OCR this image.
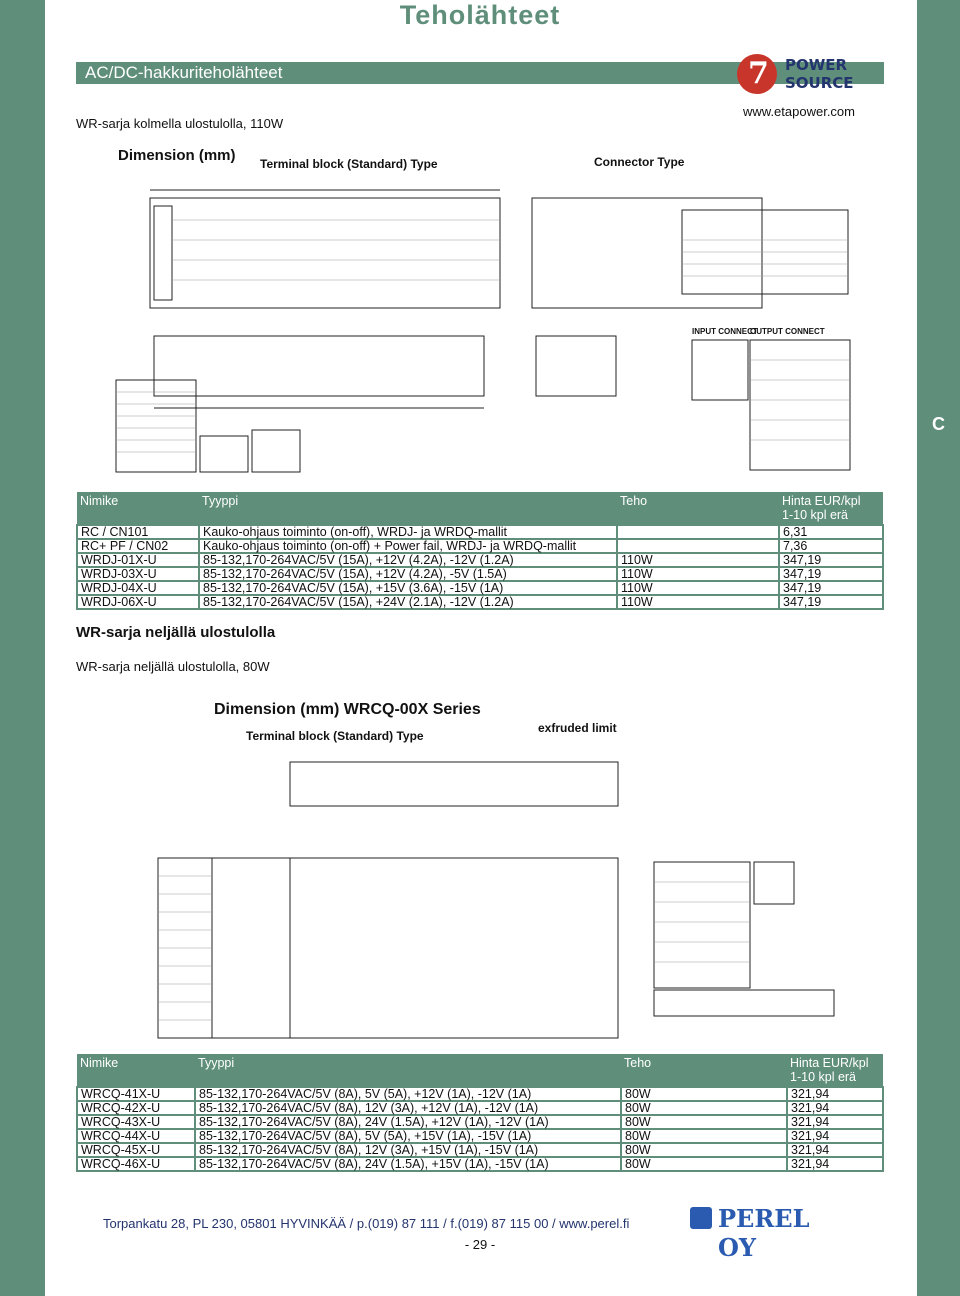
Teholähteet
AC/DC-hakkuriteholähteet	7 POWER
SOURCE
WR-sarja kolmella ulostulolla, 110W
www.etapower.com
C
Dimension (mm) Terminal block (Standard) Type	Connector Type
INPUT CONNECT
OUTPUT CONNECT
Nimike	Tyyppi	Teho	Hinta EUR/kpl
1-10 kpl erä
RC / CN101	Kauko-ohjaus toiminto (on-off), WRDJ- ja WRDQ-mallit		6,31
RC+ PF / CN02	Kauko-ohjaus toiminto (on-off) + Power fail, WRDJ- ja WRDQ-mallit		7,36
WRDJ-01X-U	85-132,170-264VAC/5V (15A), +12V (4.2A), -12V (1.2A)	110W	347,19
WRDJ-03X-U	85-132,170-264VAC/5V (15A), +12V (4.2A), -5V (1.5A)	110W	347,19
WRDJ-04X-U	85-132,170-264VAC/5V (15A), +15V (3.6A), -15V (1A)	110W	347,19
WRDJ-06X-U	85-132,170-264VAC/5V (15A), +24V (2.1A), -12V (1.2A)	110W	347,19
WR-sarja neljällä ulostulolla
WR-sarja neljällä ulostulolla, 80W
Dimension (mm) WRCQ-00X Series
Terminal block (Standard) Type
exfruded limit
Nimike	Tyyppi	Teho	Hinta EUR/kpl
1-10 kpl erä
WRCQ-41X-U	85-132,170-264VAC/5V (8A), 5V (5A), +12V (1A), -12V (1A)	80W	321,94
WRCQ-42X-U	85-132,170-264VAC/5V (8A), 12V (3A), +12V (1A), -12V (1A)	80W	321,94
WRCQ-43X-U	85-132,170-264VAC/5V (8A), 24V (1.5A), +12V (1A), -12V (1A)	80W	321,94
WRCQ-44X-U	85-132,170-264VAC/5V (8A), 5V (5A), +15V (1A), -15V (1A)	80W	321,94
WRCQ-45X-U	85-132,170-264VAC/5V (8A), 12V (3A), +15V (1A), -15V (1A)	80W	321,94
WRCQ-46X-U	85-132,170-264VAC/5V (8A), 24V (1.5A), +15V (1A), -15V (1A)	80W	321,94
Torpankatu 28, PL 230, 05801 HYVINKÄÄ / p.(019) 87 111 / f.(019) 87 115 00 / www.perel.fi
- 29 -
PEREL OY
